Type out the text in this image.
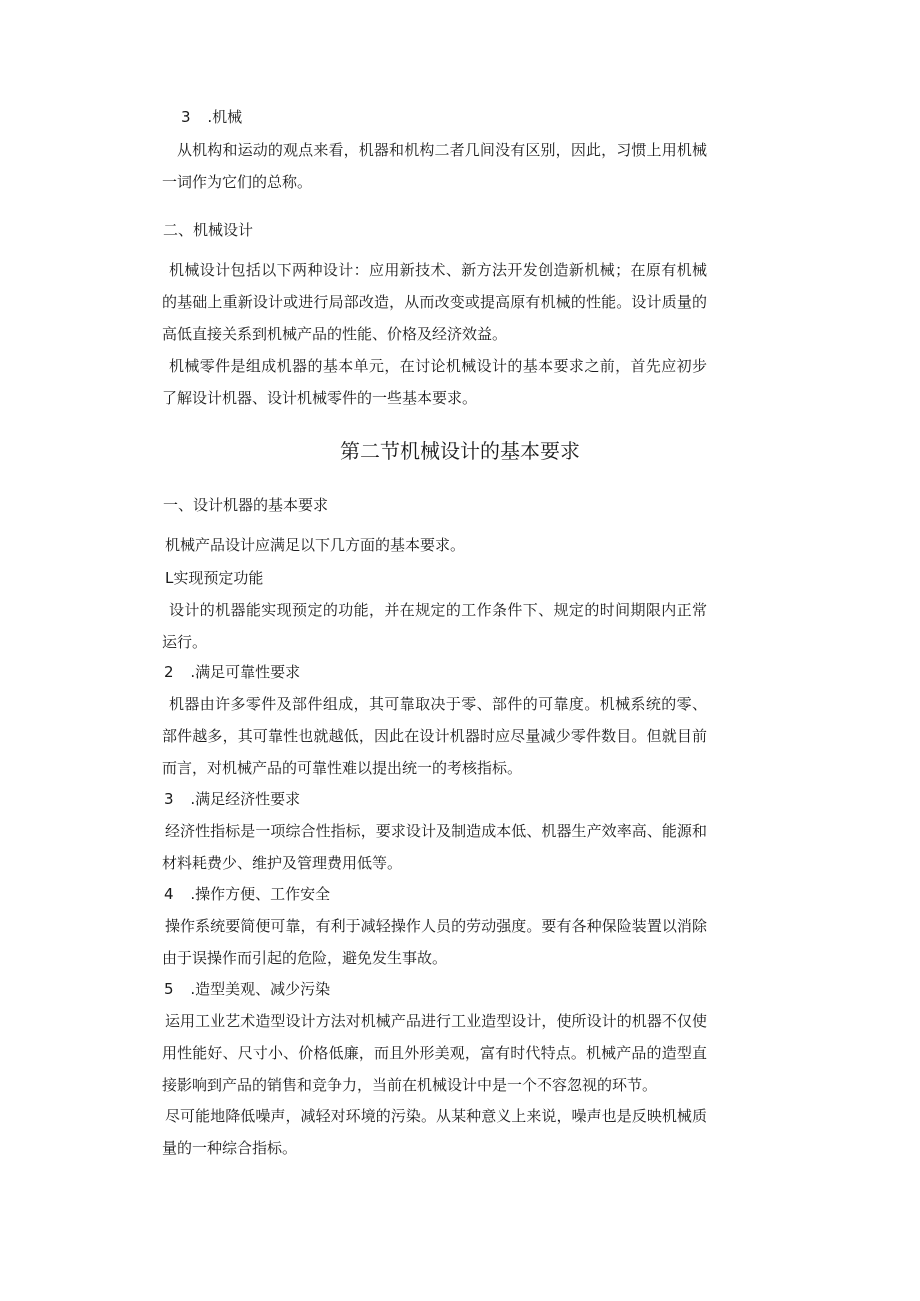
3 .机械
从机构和运动的观点来看，机器和机构二者几间没有区别，因此，习惯上用机械一词作为它们的总称。
二、机械设计
机械设计包括以下两种设计：应用新技术、新方法开发创造新机械；在原有机械的基础上重新设计或进行局部改造，从而改变或提高原有机械的性能。设计质量的高低直接关系到机械产品的性能、价格及经济效益。
机械零件是组成机器的基本单元，在讨论机械设计的基本要求之前，首先应初步了解设计机器、设计机械零件的一些基本要求。
第二节机械设计的基本要求
一、设计机器的基本要求
机械产品设计应满足以下几方面的基本要求。
L实现预定功能
设计的机器能实现预定的功能，并在规定的工作条件下、规定的时间期限内正常运行。
2 .满足可靠性要求
机器由许多零件及部件组成，其可靠取决于零、部件的可靠度。机械系统的零、部件越多，其可靠性也就越低，因此在设计机器时应尽量减少零件数目。但就目前而言，对机械产品的可靠性难以提出统一的考核指标。
3 .满足经济性要求
经济性指标是一项综合性指标，要求设计及制造成本低、机器生产效率高、能源和材料耗费少、维护及管理费用低等。
4 .操作方便、工作安全
操作系统要简便可靠，有利于减轻操作人员的劳动强度。要有各种保险装置以消除由于误操作而引起的危险，避免发生事故。
5 .造型美观、减少污染
运用工业艺术造型设计方法对机械产品进行工业造型设计，使所设计的机器不仅使用性能好、尺寸小、价格低廉，而且外形美观，富有时代特点。机械产品的造型直接影响到产品的销售和竞争力，当前在机械设计中是一个不容忽视的环节。
尽可能地降低噪声，减轻对环境的污染。从某种意义上来说，噪声也是反映机械质量的一种综合指标。
